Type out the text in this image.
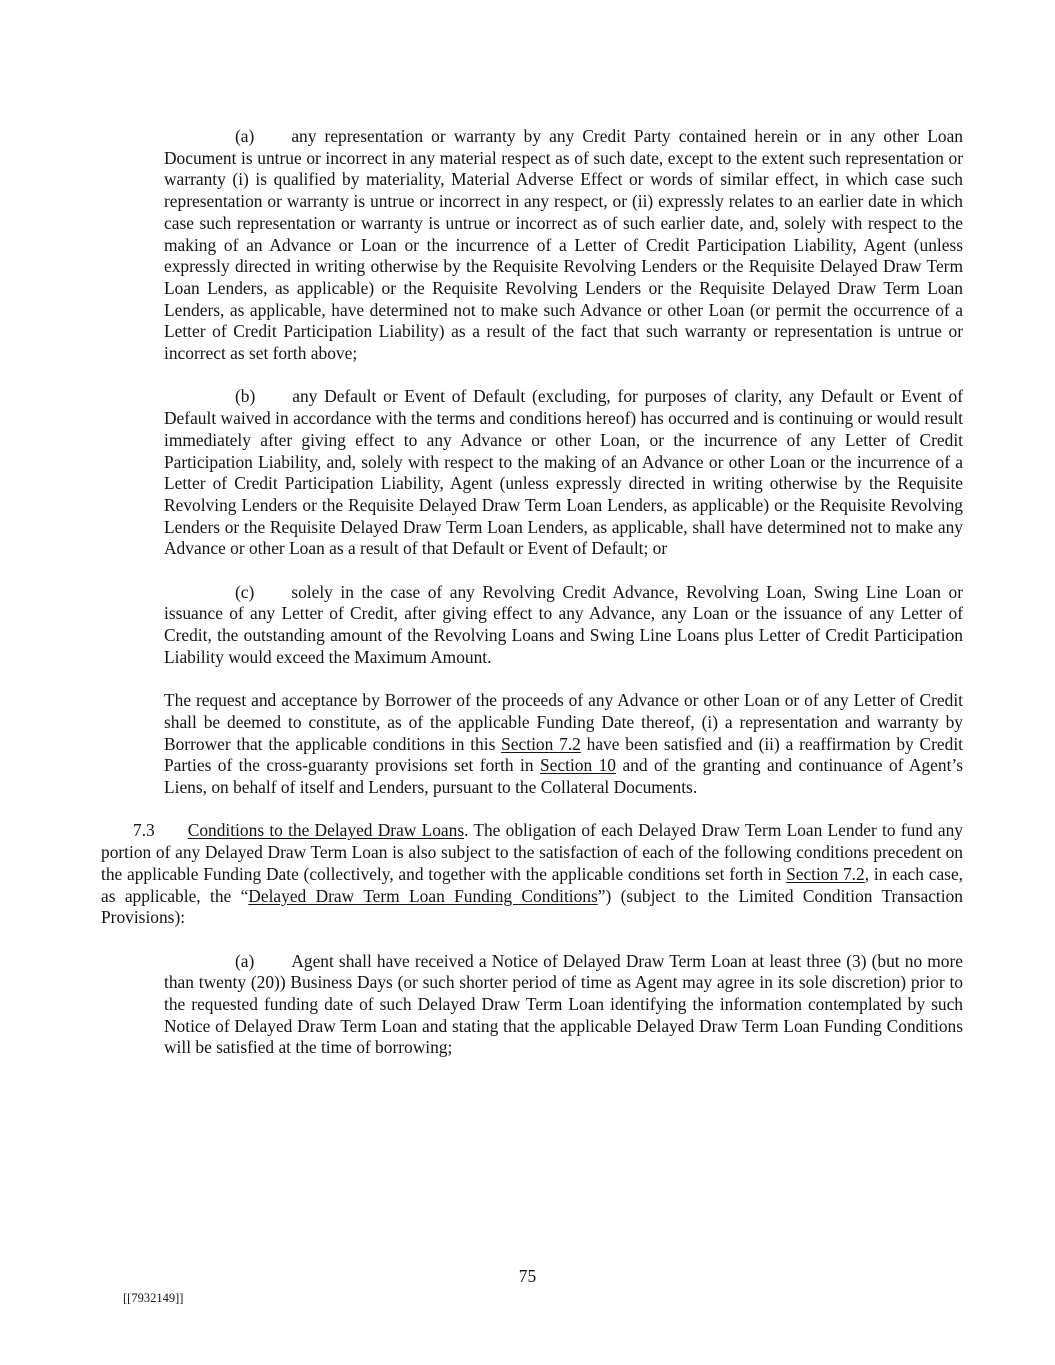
(a) any representation or warranty by any Credit Party contained herein or in any other Loan Document is untrue or incorrect in any material respect as of such date, except to the extent such representation or warranty (i) is qualified by materiality, Material Adverse Effect or words of similar effect, in which case such representation or warranty is untrue or incorrect in any respect, or (ii) expressly relates to an earlier date in which case such representation or warranty is untrue or incorrect as of such earlier date, and, solely with respect to the making of an Advance or Loan or the incurrence of a Letter of Credit Participation Liability, Agent (unless expressly directed in writing otherwise by the Requisite Revolving Lenders or the Requisite Delayed Draw Term Loan Lenders, as applicable) or the Requisite Revolving Lenders or the Requisite Delayed Draw Term Loan Lenders, as applicable, have determined not to make such Advance or other Loan (or permit the occurrence of a Letter of Credit Participation Liability) as a result of the fact that such warranty or representation is untrue or incorrect as set forth above;

(b) any Default or Event of Default (excluding, for purposes of clarity, any Default or Event of Default waived in accordance with the terms and conditions hereof) has occurred and is continuing or would result immediately after giving effect to any Advance or other Loan, or the incurrence of any Letter of Credit Participation Liability, and, solely with respect to the making of an Advance or other Loan or the incurrence of a Letter of Credit Participation Liability, Agent (unless expressly directed in writing otherwise by the Requisite Revolving Lenders or the Requisite Delayed Draw Term Loan Lenders, as applicable) or the Requisite Revolving Lenders or the Requisite Delayed Draw Term Loan Lenders, as applicable, shall have determined not to make any Advance or other Loan as a result of that Default or Event of Default; or

(c) solely in the case of any Revolving Credit Advance, Revolving Loan, Swing Line Loan or issuance of any Letter of Credit, after giving effect to any Advance, any Loan or the issuance of any Letter of Credit, the outstanding amount of the Revolving Loans and Swing Line Loans plus Letter of Credit Participation Liability would exceed the Maximum Amount.

The request and acceptance by Borrower of the proceeds of any Advance or other Loan or of any Letter of Credit shall be deemed to constitute, as of the applicable Funding Date thereof, (i) a representation and warranty by Borrower that the applicable conditions in this Section 7.2 have been satisfied and (ii) a reaffirmation by Credit Parties of the cross-guaranty provisions set forth in Section 10 and of the granting and continuance of Agent’s Liens, on behalf of itself and Lenders, pursuant to the Collateral Documents.

7.3 Conditions to the Delayed Draw Loans. The obligation of each Delayed Draw Term Loan Lender to fund any portion of any Delayed Draw Term Loan is also subject to the satisfaction of each of the following conditions precedent on the applicable Funding Date (collectively, and together with the applicable conditions set forth in Section 7.2, in each case, as applicable, the “Delayed Draw Term Loan Funding Conditions”) (subject to the Limited Condition Transaction Provisions):

(a) Agent shall have received a Notice of Delayed Draw Term Loan at least three (3) (but no more than twenty (20)) Business Days (or such shorter period of time as Agent may agree in its sole discretion) prior to the requested funding date of such Delayed Draw Term Loan identifying the information contemplated by such Notice of Delayed Draw Term Loan and stating that the applicable Delayed Draw Term Loan Funding Conditions will be satisfied at the time of borrowing;

75
[[7932149]]
